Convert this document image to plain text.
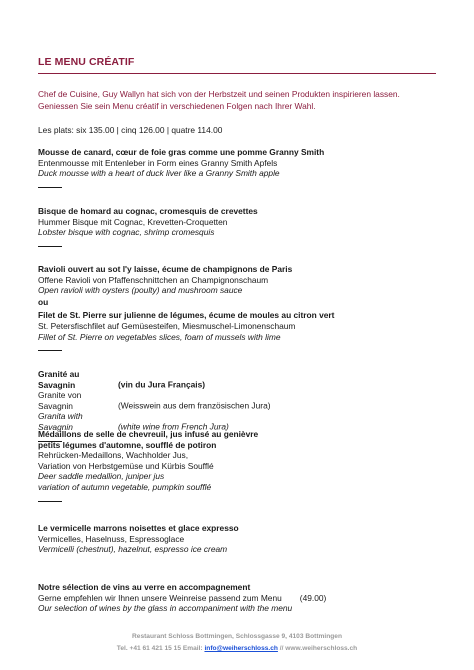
LE MENU CRÉATIF
Chef de Cuisine, Guy Wallyn hat sich von der Herbstzeit und seinen Produkten inspirieren lassen.
Geniessen Sie sein Menu créatif in verschiedenen Folgen nach Ihrer Wahl.
Les plats: six 135.00 | cinq 126.00 | quatre 114.00
Mousse de canard, cœur de foie gras comme une pomme Granny Smith
Entenmousse mit Entenleber in Form eines Granny Smith Apfels
Duck mousse with a heart of duck liver like a Granny Smith apple
Bisque de homard au cognac, cromesquis de crevettes
Hummer Bisque mit Cognac, Krevetten-Croquetten
Lobster bisque with cognac, shrimp cromesquis
Ravioli ouvert au sot l'y laisse, écume de champignons de Paris
Offene Ravioli von Pfaffenschnittchen an Champignonschaum
Open ravioli with oysters (poulty) and mushroom sauce
ou
Filet de St. Pierre sur julienne de légumes, écume de moules au citron vert
St. Petersfischfilet auf Gemüsesteifen, Miesmuschel-Limonenschaum
Fillet of St. Pierre on vegetables slices, foam of mussels with lime
Granité au Savagnin	(vin du Jura Français)
Granite von Savagnin	(Weisswein aus dem französischen Jura)
Granita with Savagnin	(white wine from French Jura)
Médaillons de selle de chevreuil, jus infusé au genièvre
petits légumes d'automne, soufflé de potiron
Rehrücken-Medaillons, Wachholder Jus,
Variation von Herbstgemüse und Kürbis Soufflé
Deer saddle medallion, juniper jus
variation of autumn vegetable, pumpkin soufflé
Le vermicelle marrons noisettes et glace expresso
Vermicelles, Haselnuss, Espressoglace
Vermicelli (chestnut), hazelnut, espresso ice cream
Notre sélection de vins au verre en accompagnement
Gerne empfehlen wir Ihnen unsere Weinreise passend zum Menu (49.00)
Our selection of wines by the glass in accompaniment with the menu
Restaurant Schloss Bottmingen, Schlossgasse 9, 4103 Bottmingen
Tel. +41 61 421 15 15 Email: info@weiherschloss.ch // www.weiherschloss.ch
